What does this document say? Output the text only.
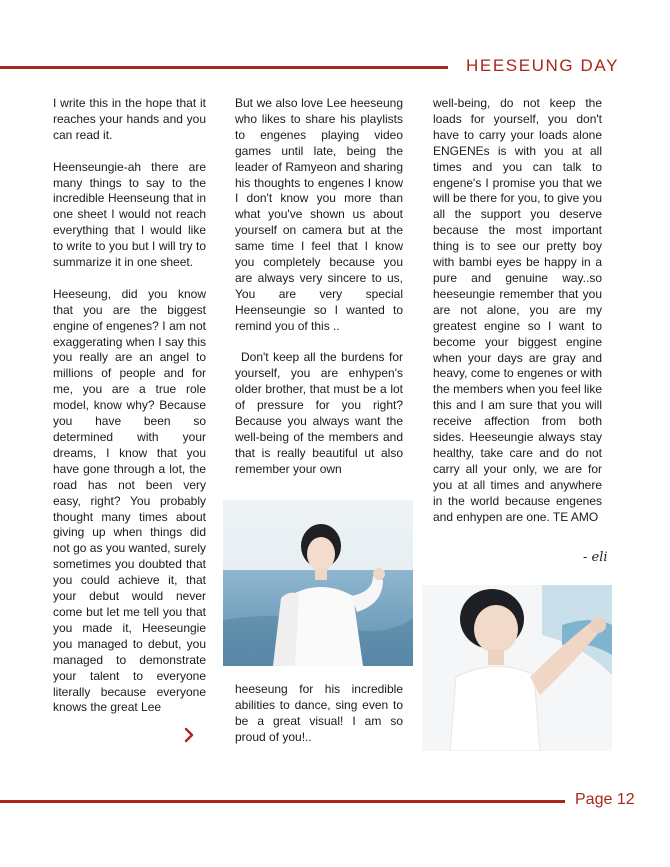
HEESEUNG DAY

I write this in the hope that it reaches your hands and you can read it.

Heenseungie-ah there are many things to say to the incredible Heenseung that in one sheet I would not reach everything that I would like to write to you but I will try to summarize it in one sheet.

Heeseung, did you know that you are the biggest engine of engenes? I am not exaggerating when I say this you really are an angel to millions of people and for me, you are a true role model, know why? Because you have been so determined with your dreams, I know that you have gone through a lot, the road has not been very easy, right? You probably thought many times about giving up when things did not go as you wanted, surely sometimes you doubted that you could achieve it, that your debut would never come but let me tell you that you made it, Heeseungie you managed to debut, you managed to demonstrate your talent to everyone literally because everyone knows the great Lee

But we also love Lee heeseung who likes to share his playlists to engenes playing video games until late, being the leader of Ramyeon and sharing his thoughts to engenes I know I don't know you more than what you've shown us about yourself on camera but at the same time I feel that I know you completely because you are always very sincere to us, You are very special Heenseungie so I wanted to remind you of this ..

Don't keep all the burdens for yourself, you are enhypen's older brother, that must be a lot of pressure for you right? Because you always want the well-being of the members and that is really beautiful ut also remember your own

heeseung for his incredible abilities to dance, sing even to be a great visual! I am so proud of you!..

well-being, do not keep the loads for yourself, you don't have to carry your loads alone ENGENEs is with you at all times and you can talk to engene's I promise you that we will be there for you, to give you all the support you deserve because the most important thing is to see our pretty boy with bambi eyes be happy in a pure and genuine way..so heeseungie remember that you are not alone, you are my greatest engine so I want to become your biggest engine when your days are gray and heavy, come to engenes or with the members when you feel like this and I am sure that you will receive affection from both sides. Heeseungie always stay healthy, take care and do not carry all your only, we are for you at all times and anywhere in the world because engenes and enhypen are one. TE AMO

- eli
Page 12
